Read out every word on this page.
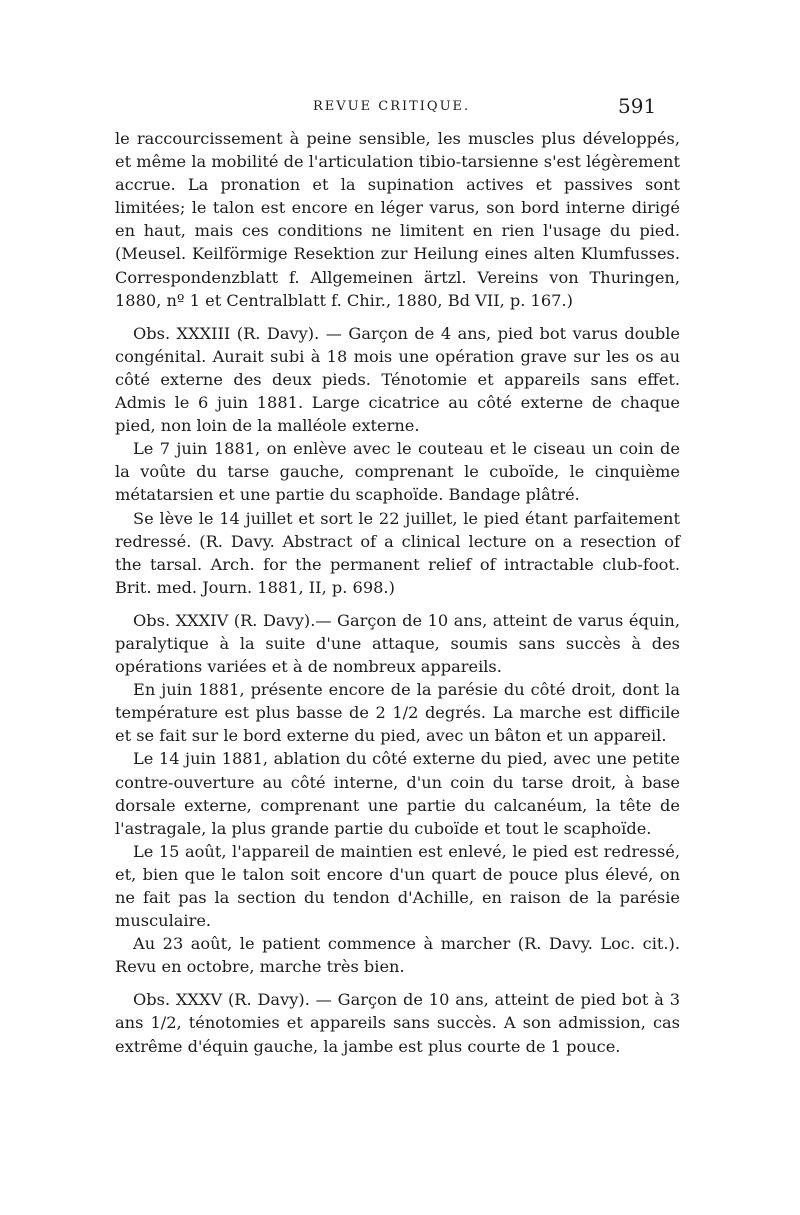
REVUE CRITIQUE.	591

le raccourcissement à peine sensible, les muscles plus développés, et même la mobilité de l'articulation tibio-tarsienne s'est légèrement accrue. La pronation et la supination actives et passives sont limitées; le talon est encore en léger varus, son bord interne dirigé en haut, mais ces conditions ne limitent en rien l'usage du pied. (Meusel. Keilförmige Resektion zur Heilung eines alten Klumfusses. Correspondenzblatt f. Allgemeinen ärtzl. Vereins von Thuringen, 1880, nº 1 et Centralblatt f. Chir., 1880, Bd VII, p. 167.)

Obs. XXXIII (R. Davy). — Garçon de 4 ans, pied bot varus double congénital. Aurait subi à 18 mois une opération grave sur les os au côté externe des deux pieds. Ténotomie et appareils sans effet. Admis le 6 juin 1881. Large cicatrice au côté externe de chaque pied, non loin de la malléole externe.

Le 7 juin 1881, on enlève avec le couteau et le ciseau un coin de la voûte du tarse gauche, comprenant le cuboïde, le cinquième métatarsien et une partie du scaphoïde. Bandage plâtré.

Se lève le 14 juillet et sort le 22 juillet, le pied étant parfaitement redressé. (R. Davy. Abstract of a clinical lecture on a resection of the tarsal. Arch. for the permanent relief of intractable club-foot. Brit. med. Journ. 1881, II, p. 698.)

Obs. XXXIV (R. Davy).— Garçon de 10 ans, atteint de varus équin, paralytique à la suite d'une attaque, soumis sans succès à des opérations variées et à de nombreux appareils.

En juin 1881, présente encore de la parésie du côté droit, dont la température est plus basse de 2 1/2 degrés. La marche est difficile et se fait sur le bord externe du pied, avec un bâton et un appareil.

Le 14 juin 1881, ablation du côté externe du pied, avec une petite contre-ouverture au côté interne, d'un coin du tarse droit, à base dorsale externe, comprenant une partie du calcanéum, la tête de l'astragale, la plus grande partie du cuboïde et tout le scaphoïde.

Le 15 août, l'appareil de maintien est enlevé, le pied est redressé, et, bien que le talon soit encore d'un quart de pouce plus élevé, on ne fait pas la section du tendon d'Achille, en raison de la parésie musculaire.

Au 23 août, le patient commence à marcher (R. Davy. Loc. cit.). Revu en octobre, marche très bien.

Obs. XXXV (R. Davy). — Garçon de 10 ans, atteint de pied bot à 3 ans 1/2, ténotomies et appareils sans succès. A son admission, cas extrême d'équin gauche, la jambe est plus courte de 1 pouce.
